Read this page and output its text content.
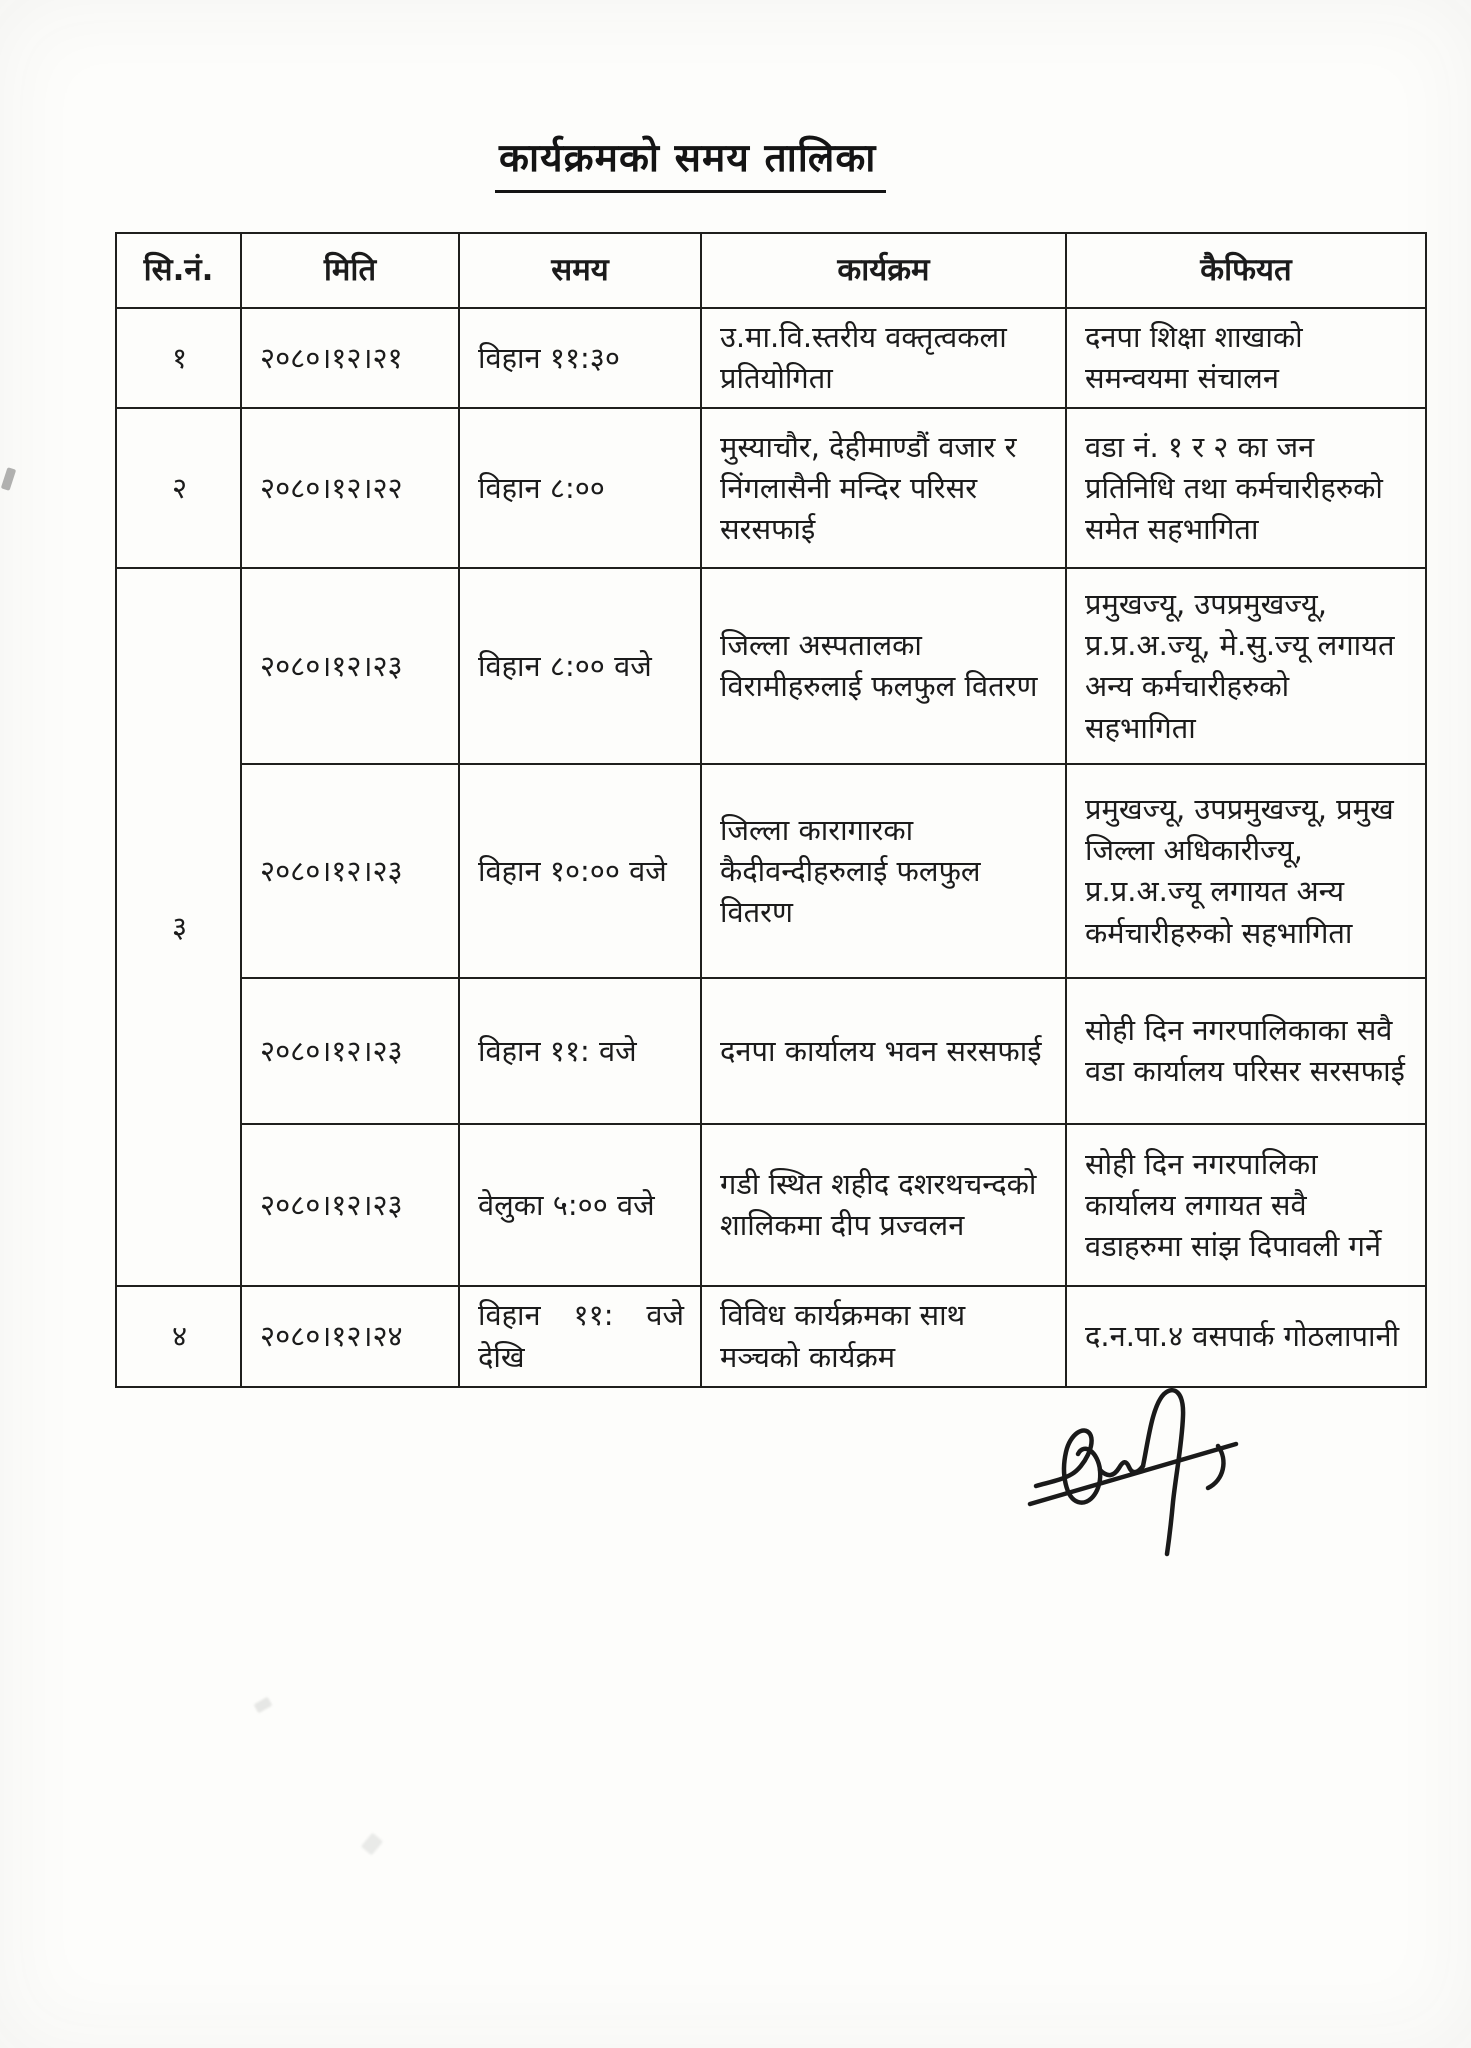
कार्यक्रमको समय तालिका
सि.नं.	मिति	समय	कार्यक्रम	कैफियत
१	२०८०।१२।२१	विहान ११:३०	उ.मा.वि.स्तरीय वक्तृत्वकला प्रतियोगिता	दनपा शिक्षा शाखाको समन्वयमा संचालन
२	२०८०।१२।२२	विहान ८:००	मुस्याचौर, देहीमाण्डौं वजार र निंगलासैनी मन्दिर परिसर सरसफाई	वडा नं. १ र २ का जन प्रतिनिधि तथा कर्मचारीहरुको समेत सहभागिता
३	२०८०।१२।२३	विहान ८:०० वजे	जिल्ला अस्पतालका विरामीहरुलाई फलफुल वितरण	प्रमुखज्यू, उपप्रमुखज्यू, प्र.प्र.अ.ज्यू, मे.सु.ज्यू लगायत अन्य कर्मचारीहरुको सहभागिता
	२०८०।१२।२३	विहान १०:०० वजे	जिल्ला कारागारका कैदीवन्दीहरुलाई फलफुल वितरण	प्रमुखज्यू, उपप्रमुखज्यू, प्रमुख जिल्ला अधिकारीज्यू, प्र.प्र.अ.ज्यू लगायत अन्य कर्मचारीहरुको सहभागिता
	२०८०।१२।२३	विहान ११: वजे	दनपा कार्यालय भवन सरसफाई	सोही दिन नगरपालिकाका सवै वडा कार्यालय परिसर सरसफाई
	२०८०।१२।२३	वेलुका ५:०० वजे	गडी स्थित शहीद दशरथचन्दको शालिकमा दीप प्रज्वलन	सोही दिन नगरपालिका कार्यालय लगायत सवै वडाहरुमा सांझ दिपावली गर्ने
४	२०८०।१२।२४	विहान ११: वजे देखि	विविध कार्यक्रमका साथ मञ्चको कार्यक्रम	द.न.पा.४ वसपार्क गोठलापानी
